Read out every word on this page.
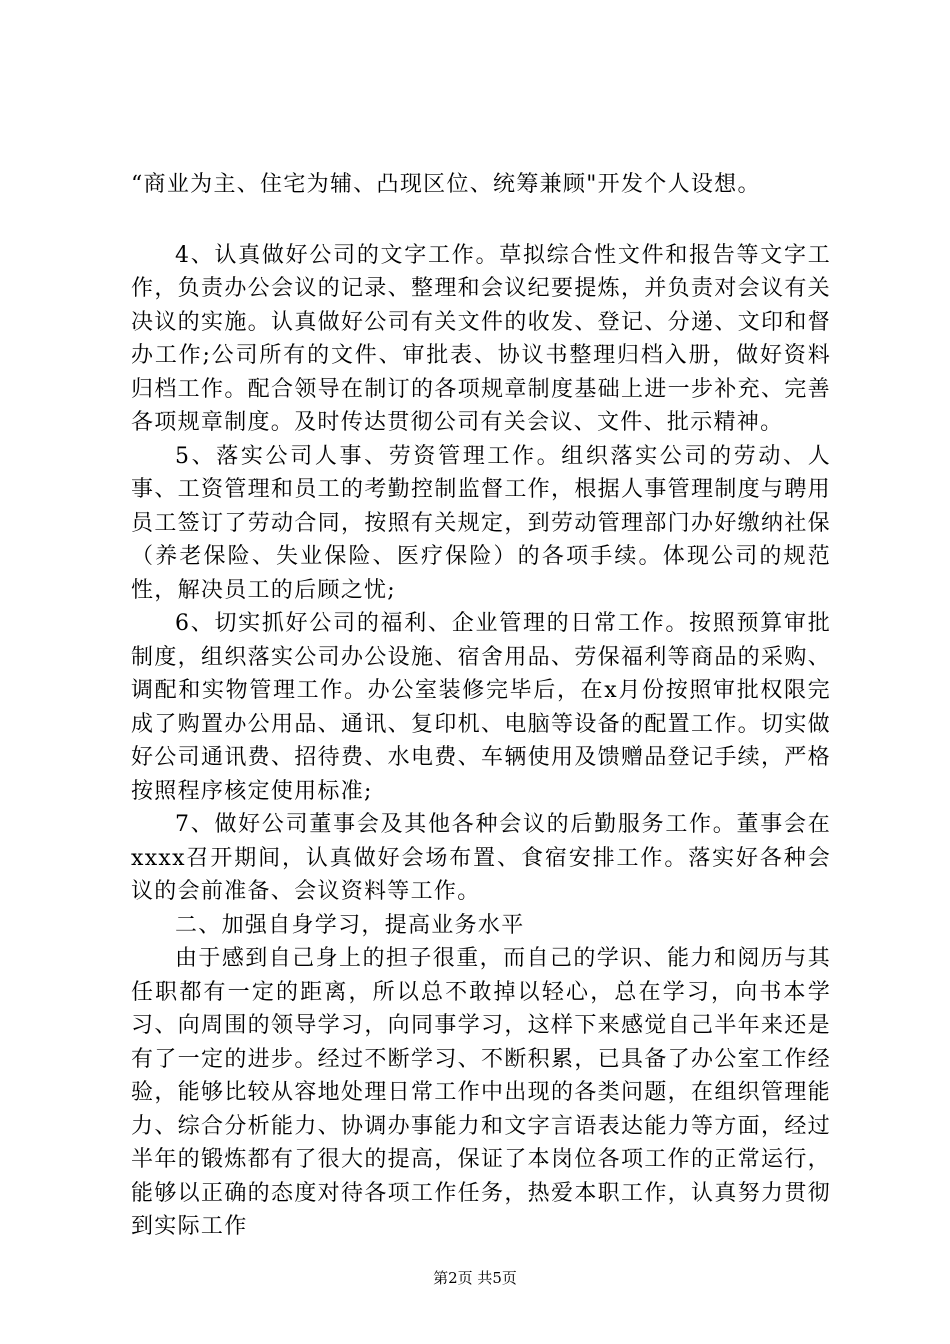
“商业为主、住宅为辅、凸现区位、统筹兼顾"开发个人设想。

4、认真做好公司的文字工作。草拟综合性文件和报告等文字工作，负责办公会议的记录、整理和会议纪要提炼，并负责对会议有关决议的实施。认真做好公司有关文件的收发、登记、分递、文印和督办工作;公司所有的文件、审批表、协议书整理归档入册，做好资料归档工作。配合领导在制订的各项规章制度基础上进一步补充、完善各项规章制度。及时传达贯彻公司有关会议、文件、批示精神。

5、落实公司人事、劳资管理工作。组织落实公司的劳动、人事、工资管理和员工的考勤控制监督工作，根据人事管理制度与聘用员工签订了劳动合同，按照有关规定，到劳动管理部门办好缴纳社保（养老保险、失业保险、医疗保险）的各项手续。体现公司的规范性，解决员工的后顾之忧;

6、切实抓好公司的福利、企业管理的日常工作。按照预算审批制度，组织落实公司办公设施、宿舍用品、劳保福利等商品的采购、调配和实物管理工作。办公室装修完毕后，在x月份按照审批权限完成了购置办公用品、通讯、复印机、电脑等设备的配置工作。切实做好公司通讯费、招待费、水电费、车辆使用及馈赠品登记手续，严格按照程序核定使用标准;

7、做好公司董事会及其他各种会议的后勤服务工作。董事会在xxxx召开期间，认真做好会场布置、食宿安排工作。落实好各种会议的会前准备、会议资料等工作。

二、加强自身学习，提高业务水平

由于感到自己身上的担子很重，而自己的学识、能力和阅历与其任职都有一定的距离，所以总不敢掉以轻心，总在学习，向书本学习、向周围的领导学习，向同事学习，这样下来感觉自己半年来还是有了一定的进步。经过不断学习、不断积累，已具备了办公室工作经验，能够比较从容地处理日常工作中出现的各类问题，在组织管理能力、综合分析能力、协调办事能力和文字言语表达能力等方面，经过半年的锻炼都有了很大的提高，保证了本岗位各项工作的正常运行，能够以正确的态度对待各项工作任务，热爱本职工作，认真努力贯彻到实际工作

第2页 共5页
